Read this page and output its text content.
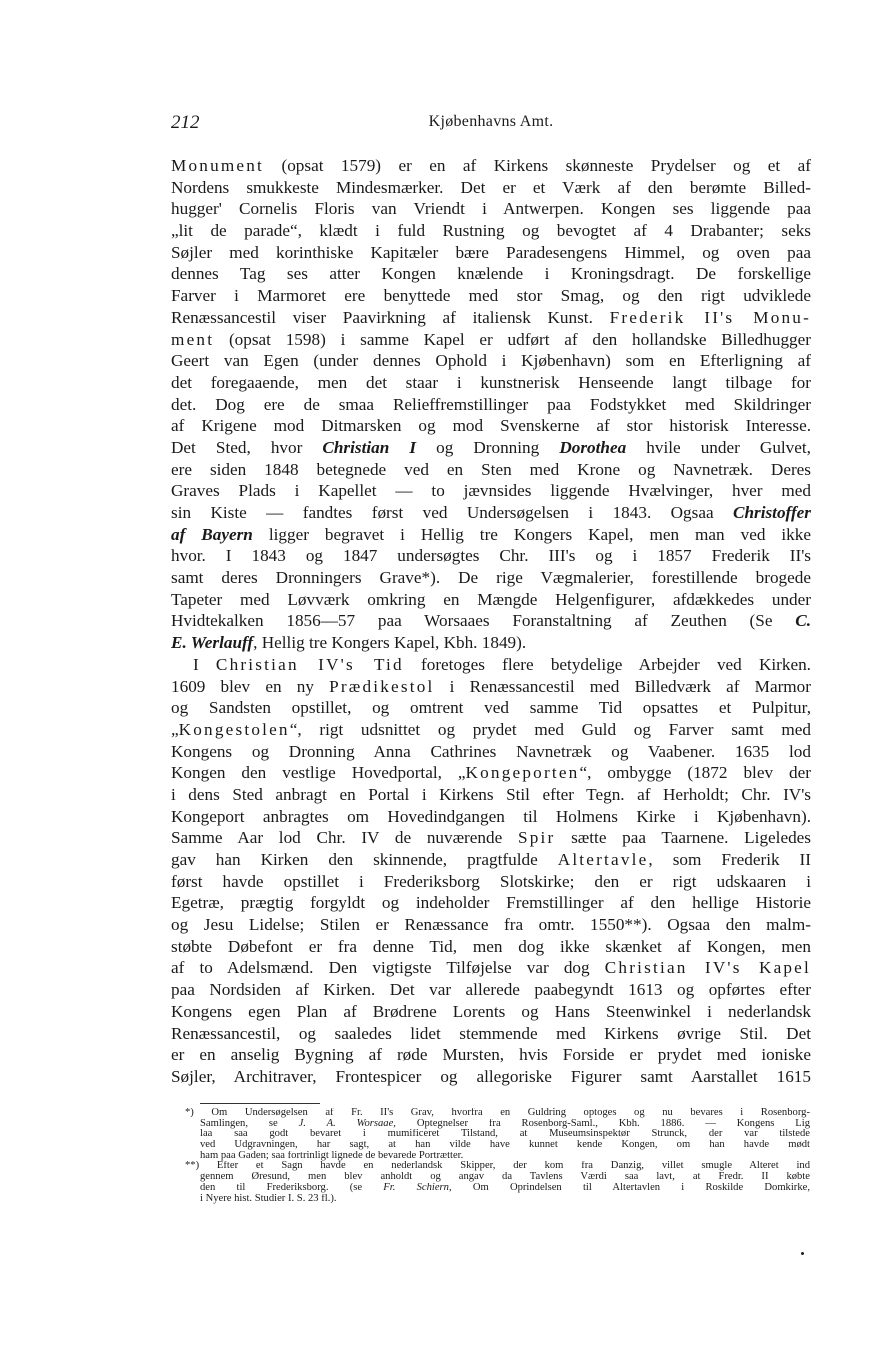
212	Kjøbenhavns Amt.
Monument (opsat 1579) er en af Kirkens skønneste Prydelser og et af
Nordens smukkeste Mindesmærker. Det er et Værk af den berømte Billed-
hugger' Cornelis Floris van Vriendt i Antwerpen. Kongen ses liggende paa
„lit de parade“, klædt i fuld Rustning og bevogtet af 4 Drabanter; seks
Søjler med korinthiske Kapitæler bære Paradesengens Himmel, og oven paa
dennes Tag ses atter Kongen knælende i Kroningsdragt. De forskellige
Farver i Marmoret ere benyttede med stor Smag, og den rigt udviklede
Renæssancestil viser Paavirkning af italiensk Kunst. Frederik II's Monu-
ment (opsat 1598) i samme Kapel er udført af den hollandske Billedhugger
Geert van Egen (under dennes Ophold i Kjøbenhavn) som en Efterligning af
det foregaaende, men det staar i kunstnerisk Henseende langt tilbage for
det. Dog ere de smaa Relieffremstillinger paa Fodstykket med Skildringer
af Krigene mod Ditmarsken og mod Svenskerne af stor historisk Interesse.
Det Sted, hvor Christian I og Dronning Dorothea hvile under Gulvet,
ere siden 1848 betegnede ved en Sten med Krone og Navnetræk. Deres
Graves Plads i Kapellet — to jævnsides liggende Hvælvinger, hver med
sin Kiste — fandtes først ved Undersøgelsen i 1843. Ogsaa Christoffer
af Bayern ligger begravet i Hellig tre Kongers Kapel, men man ved ikke
hvor. I 1843 og 1847 undersøgtes Chr. III's og i 1857 Frederik II's
samt deres Dronningers Grave*). De rige Vægmalerier, forestillende brogede
Tapeter med Løvværk omkring en Mængde Helgenfigurer, afdækkedes under
Hvidtekalken 1856—57 paa Worsaaes Foranstaltning af Zeuthen (Se C.
E. Werlauff, Hellig tre Kongers Kapel, Kbh. 1849).
I Christian IV's Tid foretoges flere betydelige Arbejder ved Kirken.
1609 blev en ny Prædikestol i Renæssancestil med Billedværk af Marmor
og Sandsten opstillet, og omtrent ved samme Tid opsattes et Pulpitur,
„Kongestolen“, rigt udsnittet og prydet med Guld og Farver samt med
Kongens og Dronning Anna Cathrines Navnetræk og Vaabener. 1635 lod
Kongen den vestlige Hovedportal, „Kongeporten“, ombygge (1872 blev der
i dens Sted anbragt en Portal i Kirkens Stil efter Tegn. af Herholdt; Chr. IV's
Kongeport anbragtes om Hovedindgangen til Holmens Kirke i Kjøbenhavn).
Samme Aar lod Chr. IV de nuværende Spir sætte paa Taarnene. Ligeledes
gav han Kirken den skinnende, pragtfulde Altertavle, som Frederik II
først havde opstillet i Frederiksborg Slotskirke; den er rigt udskaaren i
Egetræ, prægtig forgyldt og indeholder Fremstillinger af den hellige Historie
og Jesu Lidelse; Stilen er Renæssance fra omtr. 1550**). Ogsaa den malm-
støbte Døbefont er fra denne Tid, men dog ikke skænket af Kongen, men
af to Adelsmænd. Den vigtigste Tilføjelse var dog Christian IV's Kapel
paa Nordsiden af Kirken. Det var allerede paabegyndt 1613 og opførtes efter
Kongens egen Plan af Brødrene Lorents og Hans Steenwinkel i nederlandsk
Renæssancestil, og saaledes lidet stemmende med Kirkens øvrige Stil. Det
er en anselig Bygning af røde Mursten, hvis Forside er prydet med ioniske
Søjler, Architraver, Frontespicer og allegoriske Figurer samt Aarstallet 1615
*) Om Undersøgelsen af Fr. II's Grav, hvorfra en Guldring optoges og nu bevares i Rosenborg-
Samlingen, se J. A. Worsaae, Optegnelser fra Rosenborg-Saml., Kbh. 1886. — Kongens Lig
laa saa godt bevaret i mumificeret Tilstand, at Museumsinspektør Strunck, der var tilstede
ved Udgravningen, har sagt, at han vilde have kunnet kende Kongen, om han havde mødt
ham paa Gaden; saa fortrinligt lignede de bevarede Portrætter.
**) Efter et Sagn havde en nederlandsk Skipper, der kom fra Danzig, villet smugle Alteret ind
gennem Øresund, men blev anholdt og angav da Tavlens Værdi saa lavt, at Fredr. II købte
den til Frederiksborg. (se Fr. Schiern, Om Oprindelsen til Altertavlen i Roskilde Domkirke,
i Nyere hist. Studier I. S. 23 fl.).
